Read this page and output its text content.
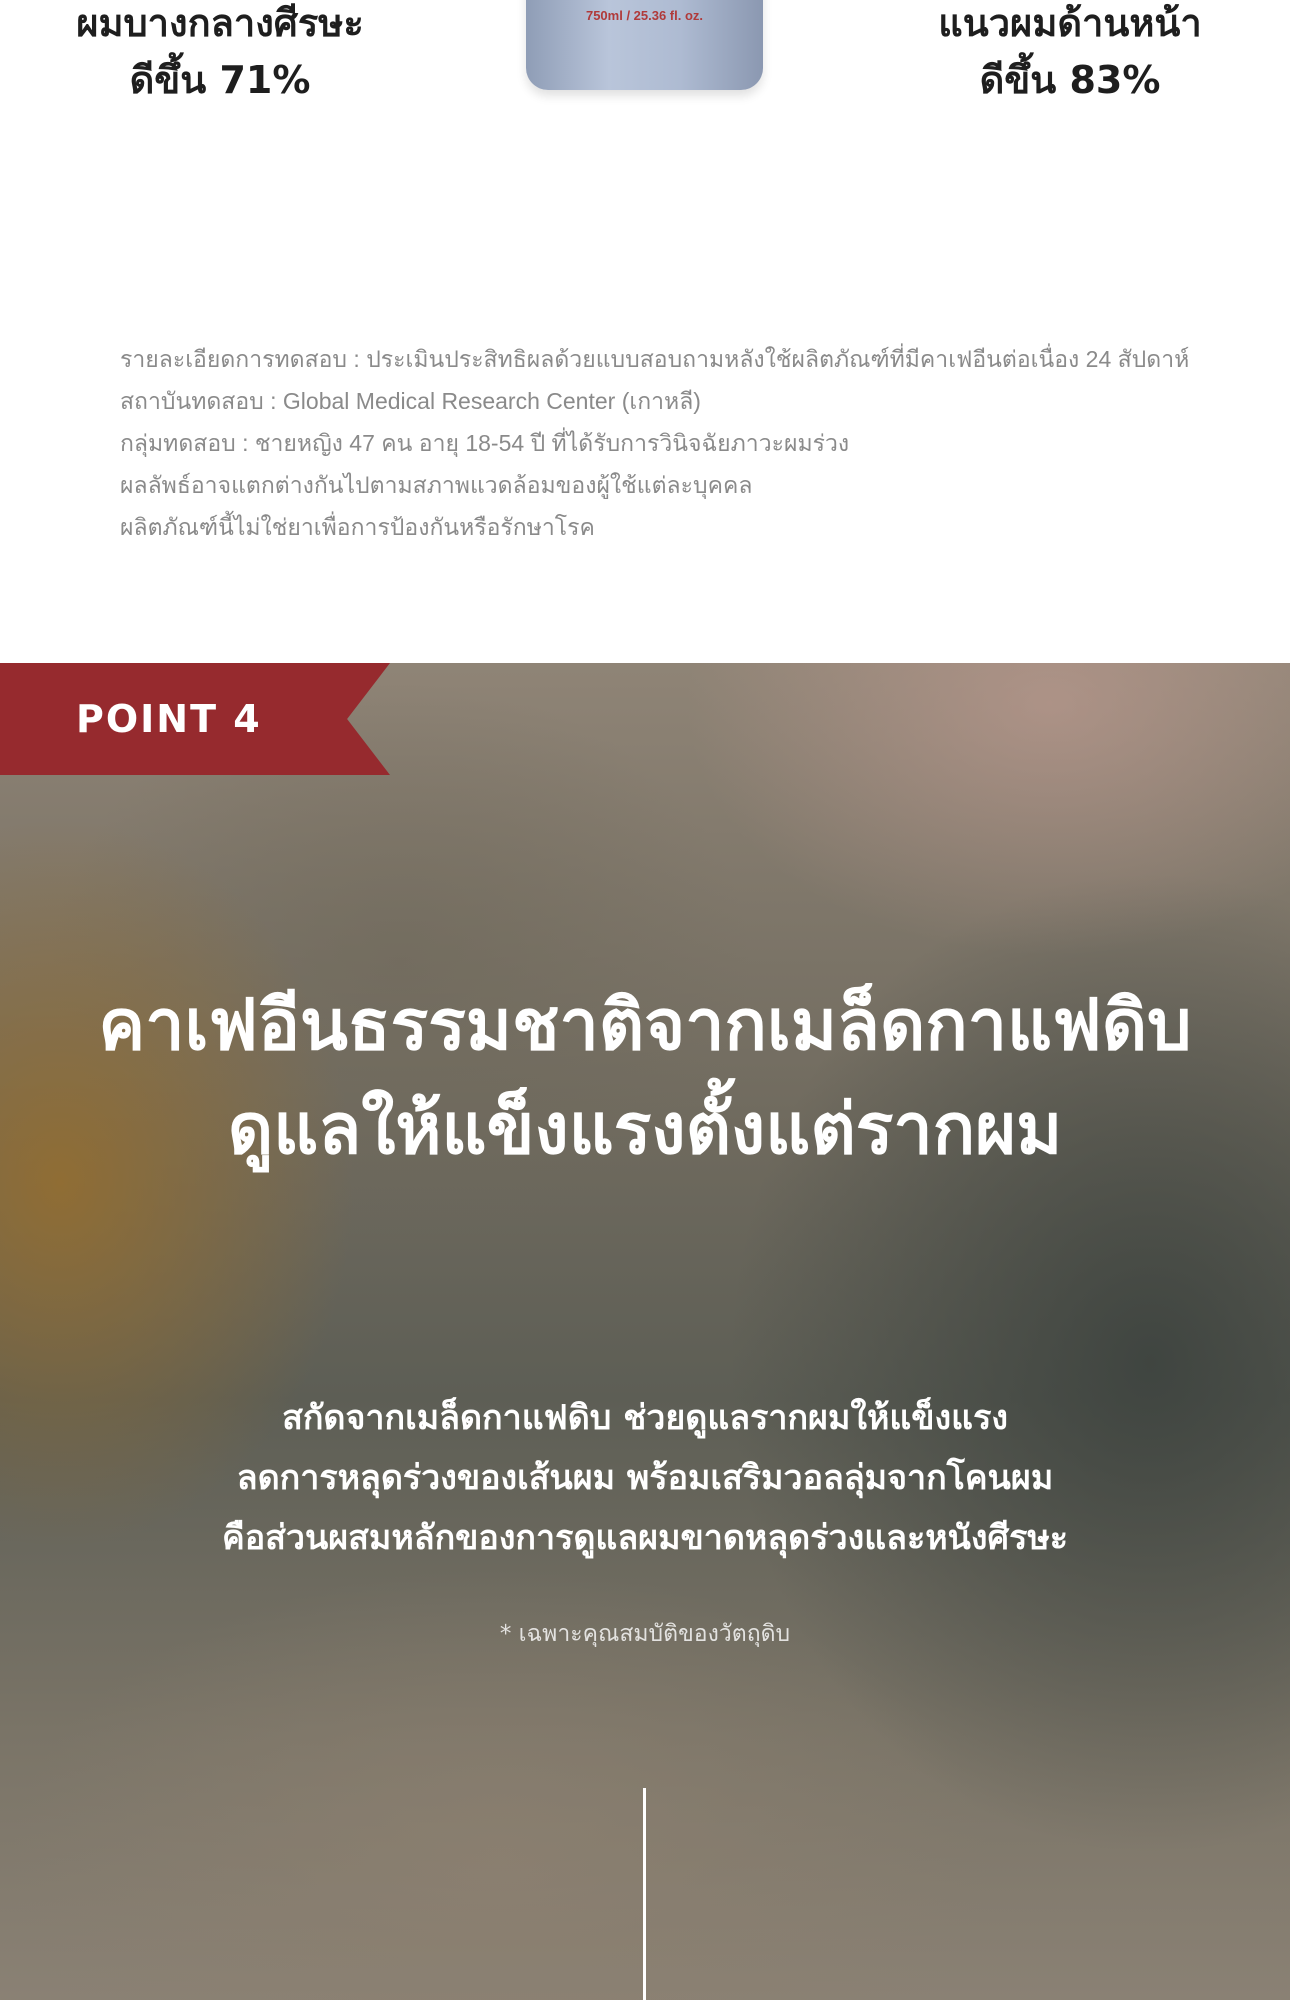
ผมบางกลางศีรษะ
ดีขึ้น 71%
750ml / 25.36 fl. oz.	แนวผมด้านหน้า
ดีขึ้น 83%
รายละเอียดการทดสอบ : ประเมินประสิทธิผลด้วยแบบสอบถามหลังใช้ผลิตภัณฑ์ที่มีคาเฟอีนต่อเนื่อง 24 สัปดาห์
สถาบันทดสอบ : Global Medical Research Center (เกาหลี)
กลุ่มทดสอบ : ชายหญิง 47 คน อายุ 18-54 ปี ที่ได้รับการวินิจฉัยภาวะผมร่วง
ผลลัพธ์อาจแตกต่างกันไปตามสภาพแวดล้อมของผู้ใช้แต่ละบุคคล
ผลิตภัณฑ์นี้ไม่ใช่ยาเพื่อการป้องกันหรือรักษาโรค
POINT 4
คาเฟอีนธรรมชาติจากเมล็ดกาแฟดิบ
ดูแลให้แข็งแรงตั้งแต่รากผม
สกัดจากเมล็ดกาแฟดิบ ช่วยดูแลรากผมให้แข็งแรง
ลดการหลุดร่วงของเส้นผม พร้อมเสริมวอลลุ่มจากโคนผม
คือส่วนผสมหลักของการดูแลผมขาดหลุดร่วงและหนังศีรษะ
* เฉพาะคุณสมบัติของวัตถุดิบ
